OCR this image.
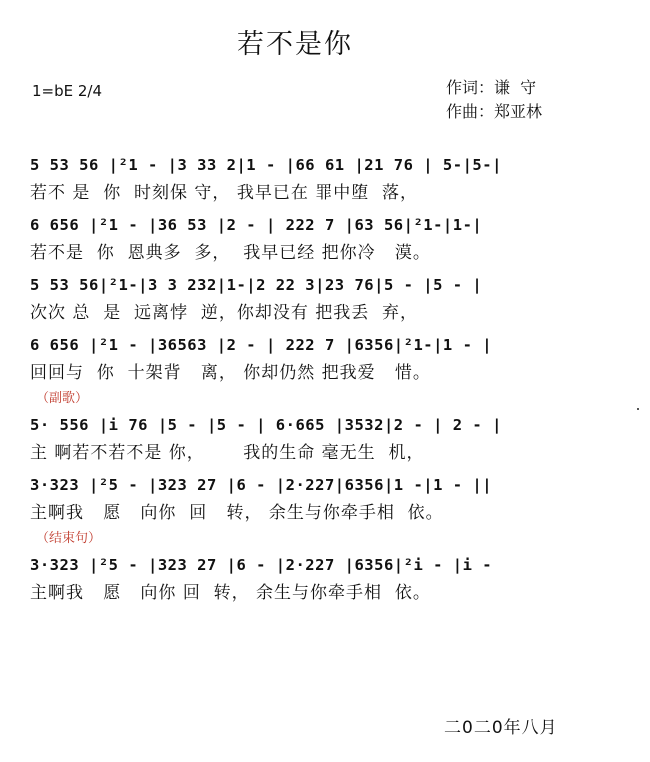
若不是你
1=bE 2/4	作词：谦  守
作曲：郑亚林
5 53 56 |²1 - |3 33 2|1 - |66 61 |21 76 | 5-|5-|
若不 是  你  时刻保 守， 我早已在 罪中堕  落，
6 656 |²1 - |36 53 |2 - | 222 7 |63 56|²1-|1-|
若不是  你  恩典多  多，  我早已经 把你冷   漠。
5 53 56|²1-|3 3 232|1-|2 22 3|23 76|5 - |5 - |
次次 总  是  远离悖  逆，你却没有 把我丢  弃，
6 656 |²1 - |36563 |2 - | 222 7 |6356|²1-|1 - |
回回与  你  十架背   离， 你却仍然 把我爱   惜。
（副歌）
5· 556 |i 76 |5 - |5 - | 6·665 |3532|2 - | 2 - |
主 啊若不若不是 你，      我的生命 毫无生  机，
3·323 |²5 - |323 27 |6 - |2·227|6356|1 -|1 - ||
主啊我   愿   向你  回   转， 余生与你牵手相  依。
（结束句）
3·323 |²5 - |323 27 |6 - |2·227 |6356|²i - |i -
主啊我   愿   向你 回  转， 余生与你牵手相  依。
二0二0年八月
